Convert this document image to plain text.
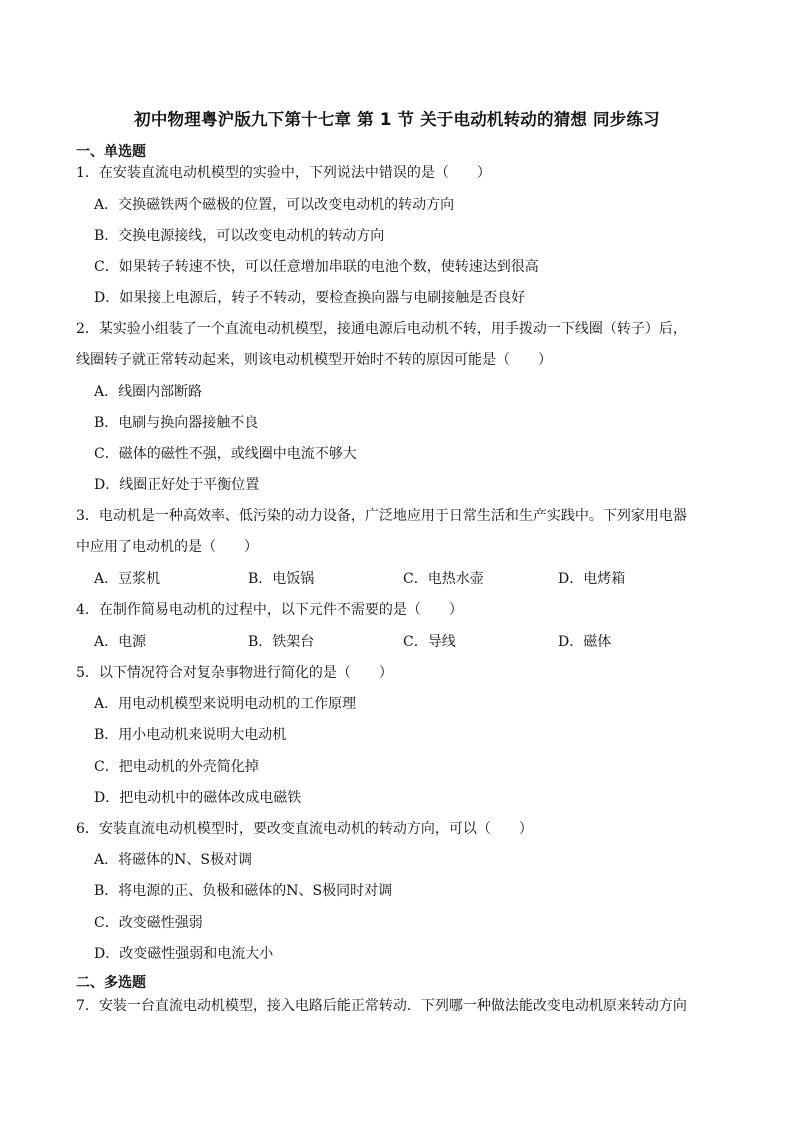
初中物理粤沪版九下第十七章 第 1 节 关于电动机转动的猜想 同步练习
一、单选题
1．在安装直流电动机模型的实验中，下列说法中错误的是（　　）
A．交换磁铁两个磁极的位置，可以改变电动机的转动方向
B．交换电源接线，可以改变电动机的转动方向
C．如果转子转速不快，可以任意增加串联的电池个数，使转速达到很高
D．如果接上电源后，转子不转动，要检查换向器与电刷接触是否良好
2．某实验小组装了一个直流电动机模型，接通电源后电动机不转，用手拨动一下线圈（转子）后，
线圈转子就正常转动起来，则该电动机模型开始时不转的原因可能是（　　）
A．线圈内部断路
B．电刷与换向器接触不良
C．磁体的磁性不强，或线圈中电流不够大
D．线圈正好处于平衡位置
3．电动机是一种高效率、低污染的动力设备，广泛地应用于日常生活和生产实践中。下列家用电器
中应用了电动机的是（　　）
A．豆浆机	B．电饭锅	C．电热水壶	D．电烤箱
4．在制作简易电动机的过程中，以下元件不需要的是（　　）
A．电源	B．铁架台	C．导线	D．磁体
5．以下情况符合对复杂事物进行简化的是（　　）
A．用电动机模型来说明电动机的工作原理
B．用小电动机来说明大电动机
C．把电动机的外壳简化掉
D．把电动机中的磁体改成电磁铁
6．安装直流电动机模型时，要改变直流电动机的转动方向，可以（　　）
A．将磁体的N、S极对调
B．将电源的正、负极和磁体的N、S极同时对调
C．改变磁性强弱
D．改变磁性强弱和电流大小
二、多选题
7．安装一台直流电动机模型，接入电路后能正常转动．下列哪一种做法能改变电动机原来转动方向
